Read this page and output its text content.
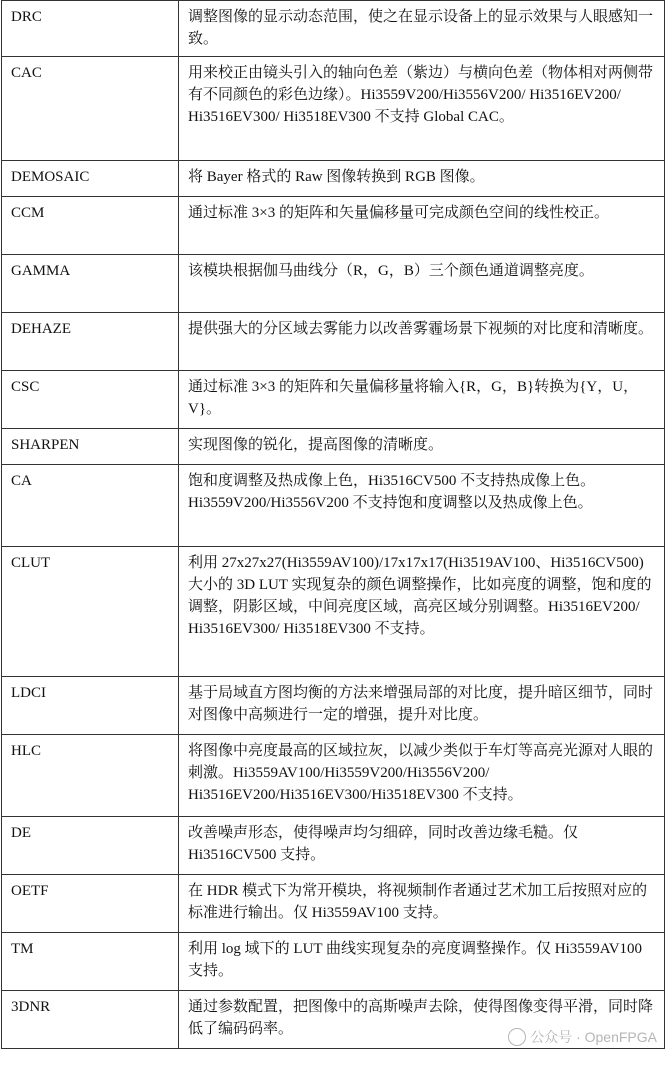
DRC	调整图像的显示动态范围，使之在显示设备上的显示效果与人眼感知一致。
CAC	用来校正由镜头引入的轴向色差（紫边）与横向色差（物体相对两侧带有不同颜色的彩色边缘）。Hi3559V200/Hi3556V200/ Hi3516EV200/ Hi3516EV300/ Hi3518EV300 不支持 Global CAC。
DEMOSAIC	将 Bayer 格式的 Raw 图像转换到 RGB 图像。
CCM	通过标准 3×3 的矩阵和矢量偏移量可完成颜色空间的线性校正。
GAMMA	该模块根据伽马曲线分（R，G，B）三个颜色通道调整亮度。
DEHAZE	提供强大的分区域去雾能力以改善雾霾场景下视频的对比度和清晰度。
CSC	通过标准 3×3 的矩阵和矢量偏移量将输入{R，G，B}转换为{Y，U，V}。
SHARPEN	实现图像的锐化，提高图像的清晰度。
CA	饱和度调整及热成像上色，Hi3516CV500 不支持热成像上色。Hi3559V200/Hi3556V200 不支持饱和度调整以及热成像上色。
CLUT	利用 27x27x27(Hi3559AV100)/17x17x17(Hi3519AV100、Hi3516CV500)大小的 3D LUT 实现复杂的颜色调整操作，比如亮度的调整，饱和度的调整，阴影区域，中间亮度区域，高亮区域分别调整。Hi3516EV200/ Hi3516EV300/ Hi3518EV300 不支持。
LDCI	基于局域直方图均衡的方法来增强局部的对比度，提升暗区细节，同时对图像中高频进行一定的增强，提升对比度。
HLC	将图像中亮度最高的区域拉灰，以减少类似于车灯等高亮光源对人眼的刺激。Hi3559AV100/Hi3559V200/Hi3556V200/ Hi3516EV200/Hi3516EV300/Hi3518EV300 不支持。
DE	改善噪声形态，使得噪声均匀细碎，同时改善边缘毛糙。仅 Hi3516CV500 支持。
OETF	在 HDR 模式下为常开模块，将视频制作者通过艺术加工后按照对应的标准进行输出。仅 Hi3559AV100 支持。
TM	利用 log 域下的 LUT 曲线实现复杂的亮度调整操作。仅 Hi3559AV100 支持。
3DNR	通过参数配置，把图像中的高斯噪声去除，使得图像变得平滑，同时降低了编码码率。	公众号 · OpenFPGA
